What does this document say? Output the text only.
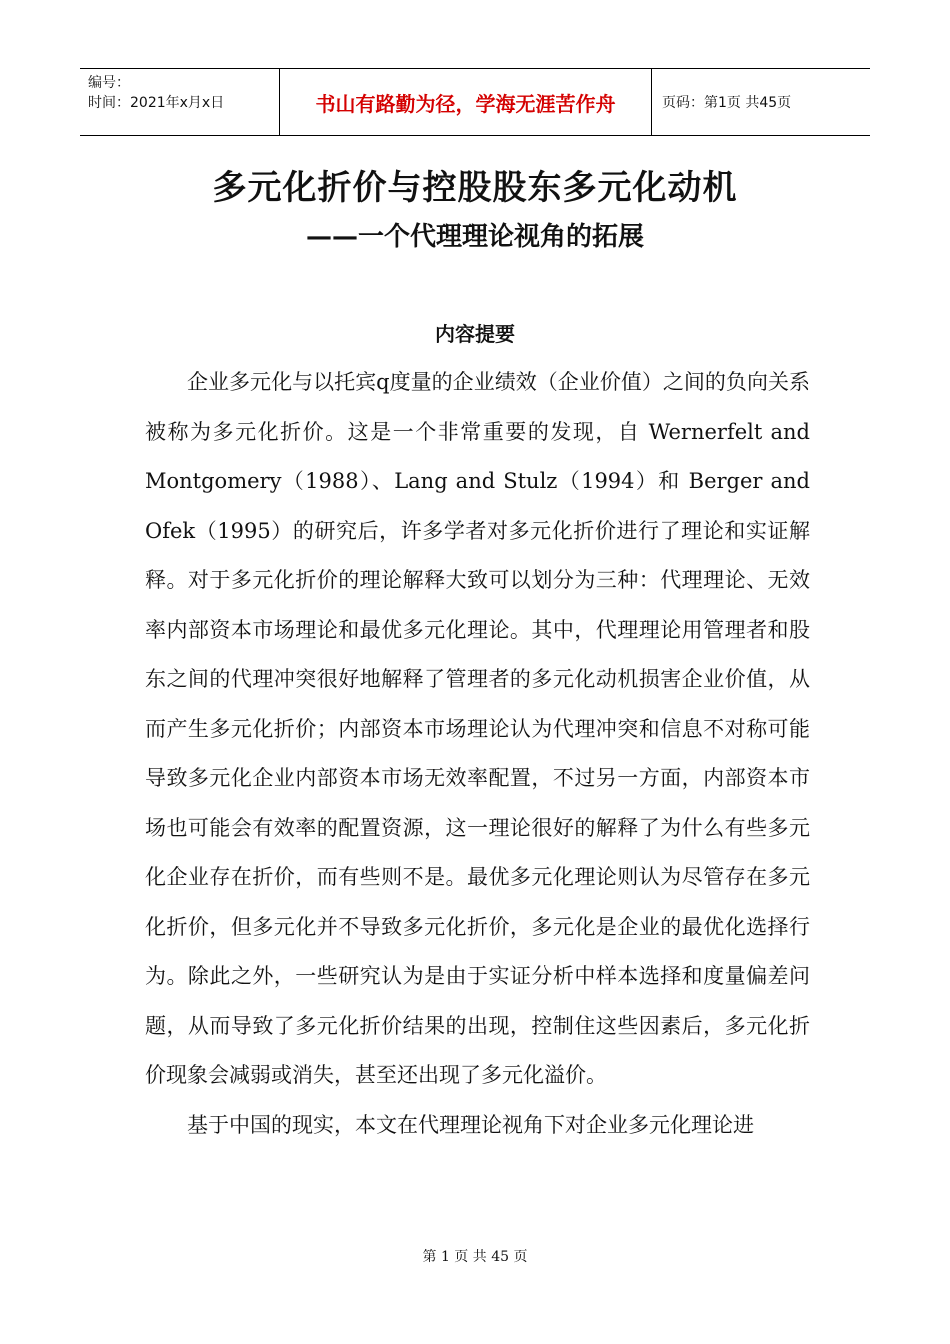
编号：
时间：2021年x月x日	书山有路勤为径，学海无涯苦作舟	页码：第1页 共45页
多元化折价与控股股东多元化动机
——一个代理理论视角的拓展
内容提要

企业多元化与以托宾q度量的企业绩效（企业价值）之间的负向关系被称为多元化折价。这是一个非常重要的发现，自 Wernerfelt and Montgomery（1988）、Lang and Stulz（1994）和 Berger and Ofek（1995）的研究后，许多学者对多元化折价进行了理论和实证解释。对于多元化折价的理论解释大致可以划分为三种：代理理论、无效率内部资本市场理论和最优多元化理论。其中，代理理论用管理者和股东之间的代理冲突很好地解释了管理者的多元化动机损害企业价值，从而产生多元化折价；内部资本市场理论认为代理冲突和信息不对称可能导致多元化企业内部资本市场无效率配置，不过另一方面，内部资本市场也可能会有效率的配置资源，这一理论很好的解释了为什么有些多元化企业存在折价，而有些则不是。最优多元化理论则认为尽管存在多元化折价，但多元化并不导致多元化折价，多元化是企业的最优化选择行为。除此之外，一些研究认为是由于实证分析中样本选择和度量偏差问题，从而导致了多元化折价结果的出现，控制住这些因素后，多元化折价现象会减弱或消失，甚至还出现了多元化溢价。

基于中国的现实，本文在代理理论视角下对企业多元化理论进

第 1 页 共 45 页
